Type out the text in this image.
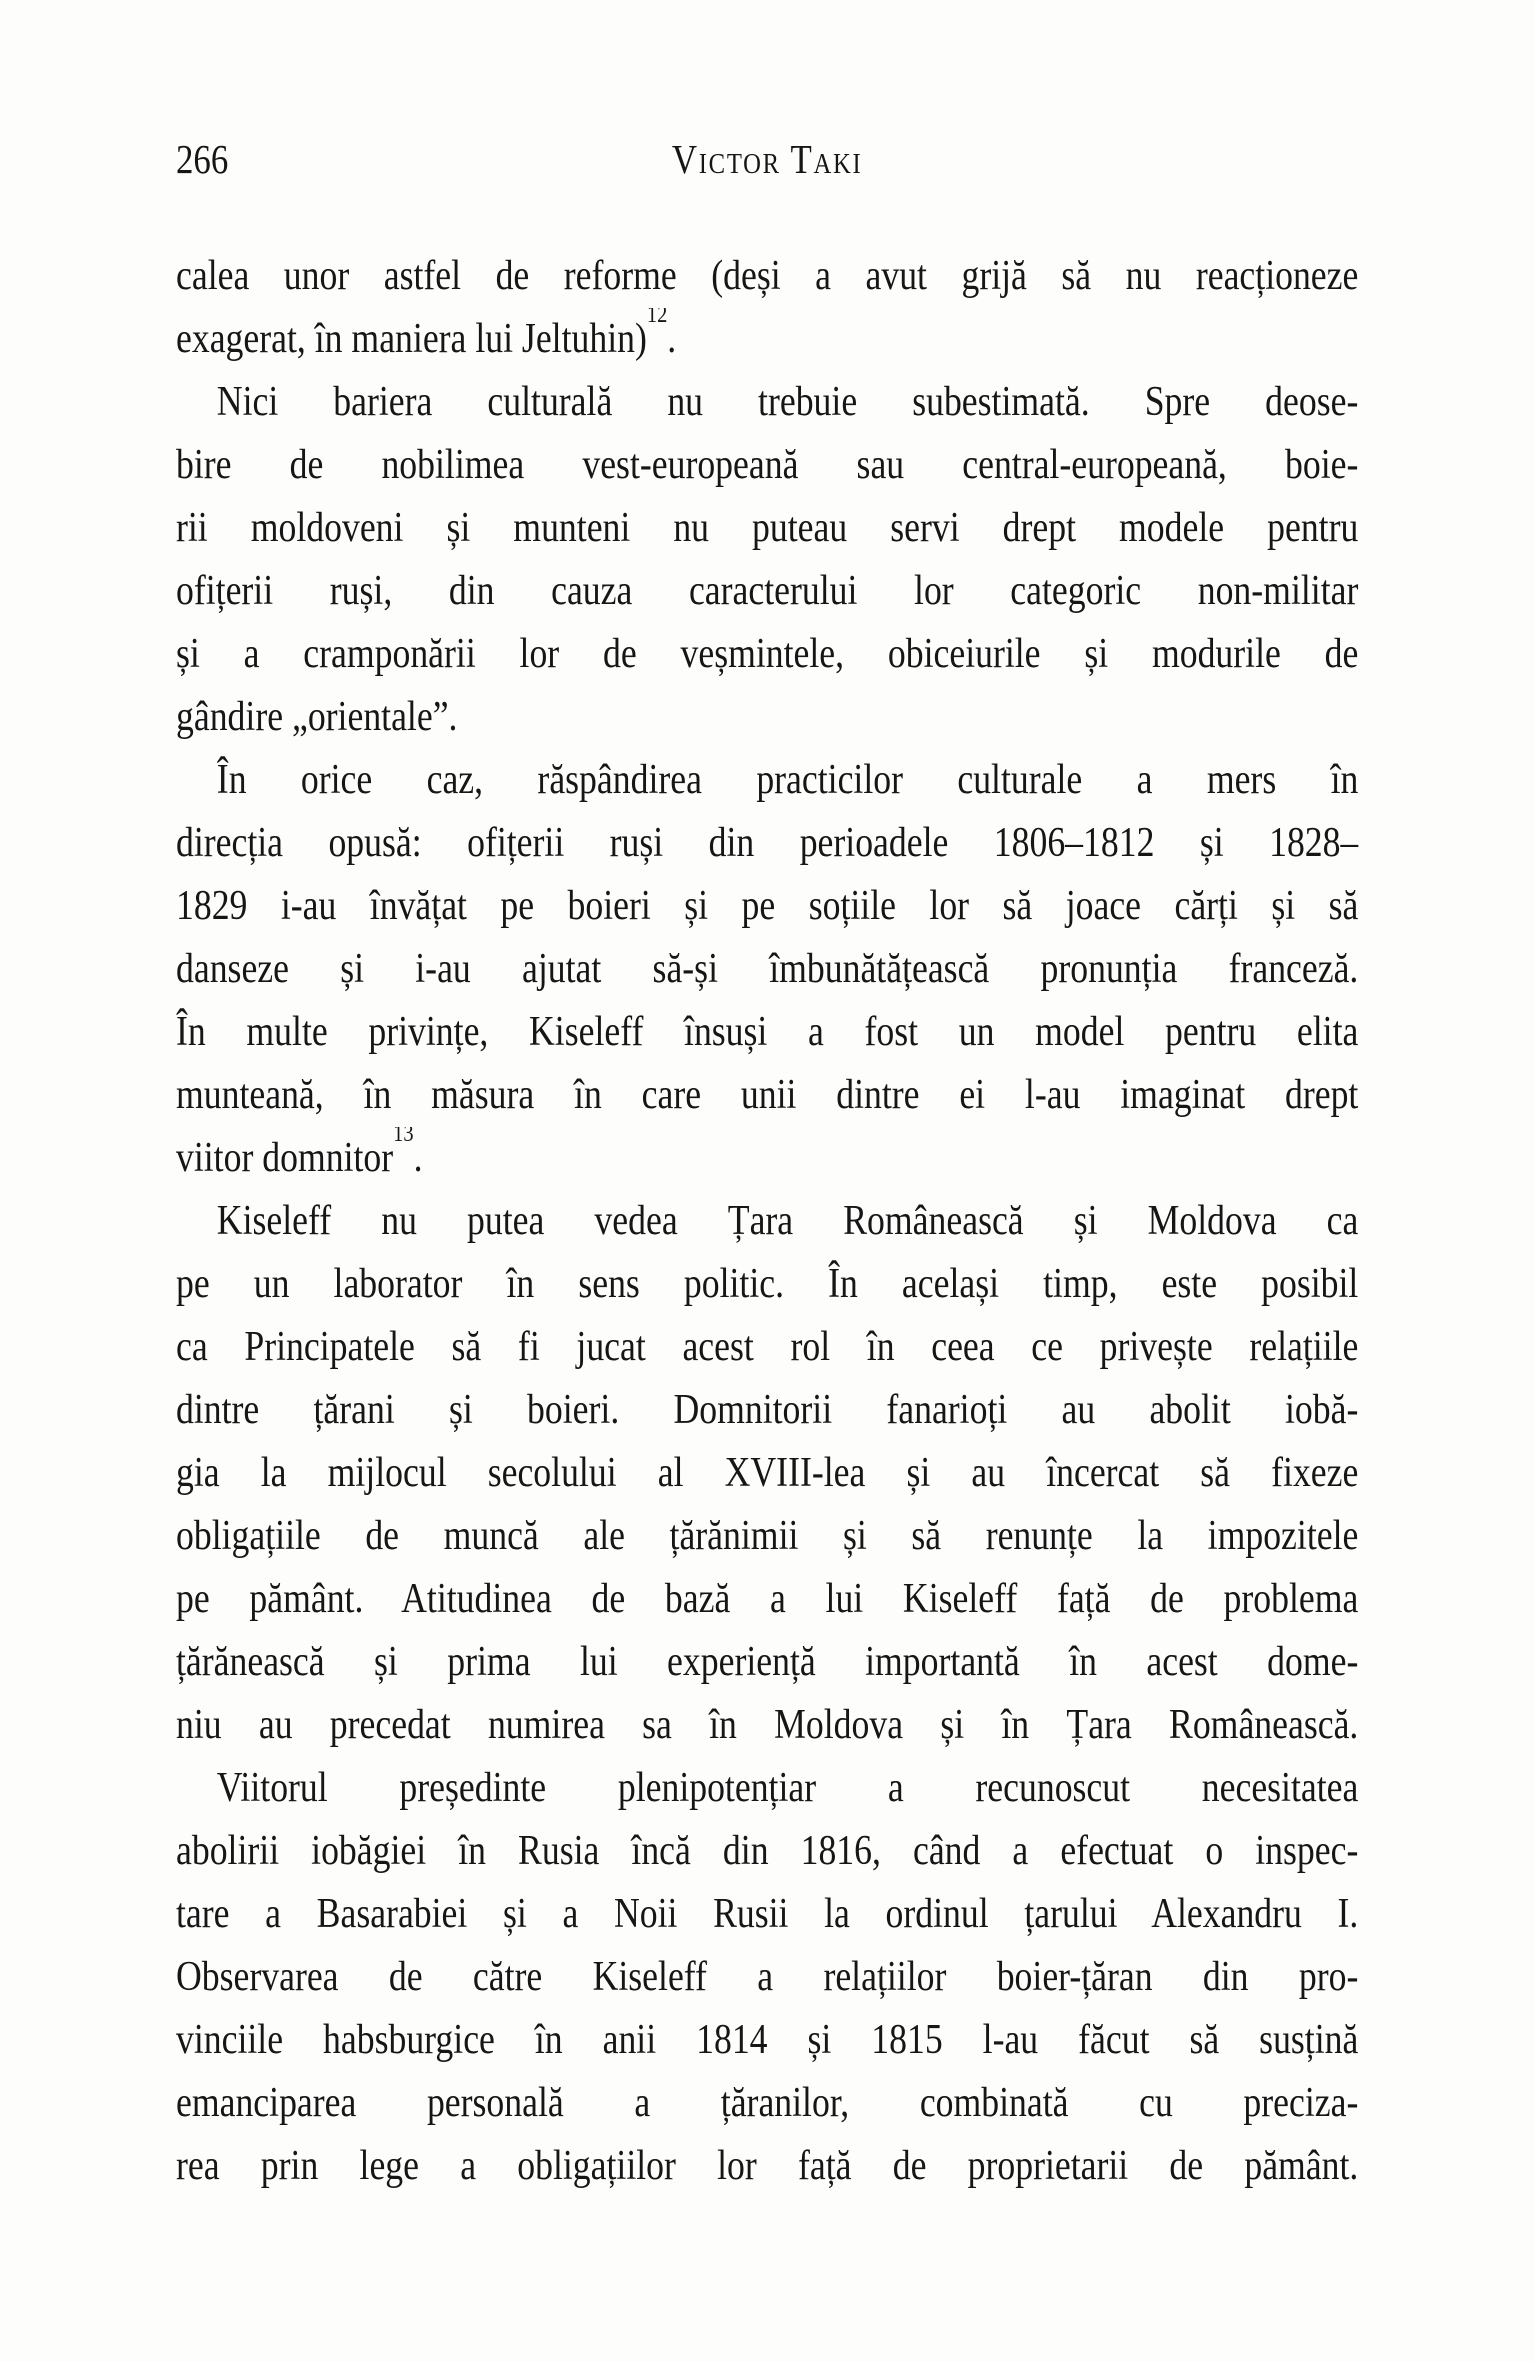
266	Victor Taki
calea unor astfel de reforme (deși a avut grijă să nu reacționeze
exagerat, în maniera lui Jeltuhin)$^{12}$.
Nici bariera culturală nu trebuie subestimată. Spre deose-
bire de nobilimea vest-europeană sau central-europeană, boie-
rii moldoveni și munteni nu puteau servi drept modele pentru
ofițerii ruși, din cauza caracterului lor categoric non-militar
și a cramponării lor de veșmintele, obiceiurile și modurile de
gândire „orientale”.
În orice caz, răspândirea practicilor culturale a mers în
direcția opusă: ofițerii ruși din perioadele 1806–1812 și 1828–
1829 i-au învățat pe boieri și pe soțiile lor să joace cărți și să
danseze și i-au ajutat să-și îmbunătățească pronunția franceză.
În multe privințe, Kiseleff însuși a fost un model pentru elita
munteană, în măsura în care unii dintre ei l-au imaginat drept
viitor domnitor$^{13}$.
Kiseleff nu putea vedea Țara Românească și Moldova ca
pe un laborator în sens politic. În același timp, este posibil
ca Principatele să fi jucat acest rol în ceea ce privește relațiile
dintre țărani și boieri. Domnitorii fanarioți au abolit iobă-
gia la mijlocul secolului al XVIII-lea și au încercat să fixeze
obligațiile de muncă ale țărănimii și să renunțe la impozitele
pe pământ. Atitudinea de bază a lui Kiseleff față de problema
țărănească și prima lui experiență importantă în acest dome-
niu au precedat numirea sa în Moldova și în Țara Românească.
Viitorul președinte plenipotențiar a recunoscut necesitatea
abolirii iobăgiei în Rusia încă din 1816, când a efectuat o inspec-
tare a Basarabiei și a Noii Rusii la ordinul țarului Alexandru I.
Observarea de către Kiseleff a relațiilor boier-țăran din pro-
vinciile habsburgice în anii 1814 și 1815 l-au făcut să susțină
emanciparea personală a țăranilor, combinată cu preciza-
rea prin lege a obligațiilor lor față de proprietarii de pământ.
